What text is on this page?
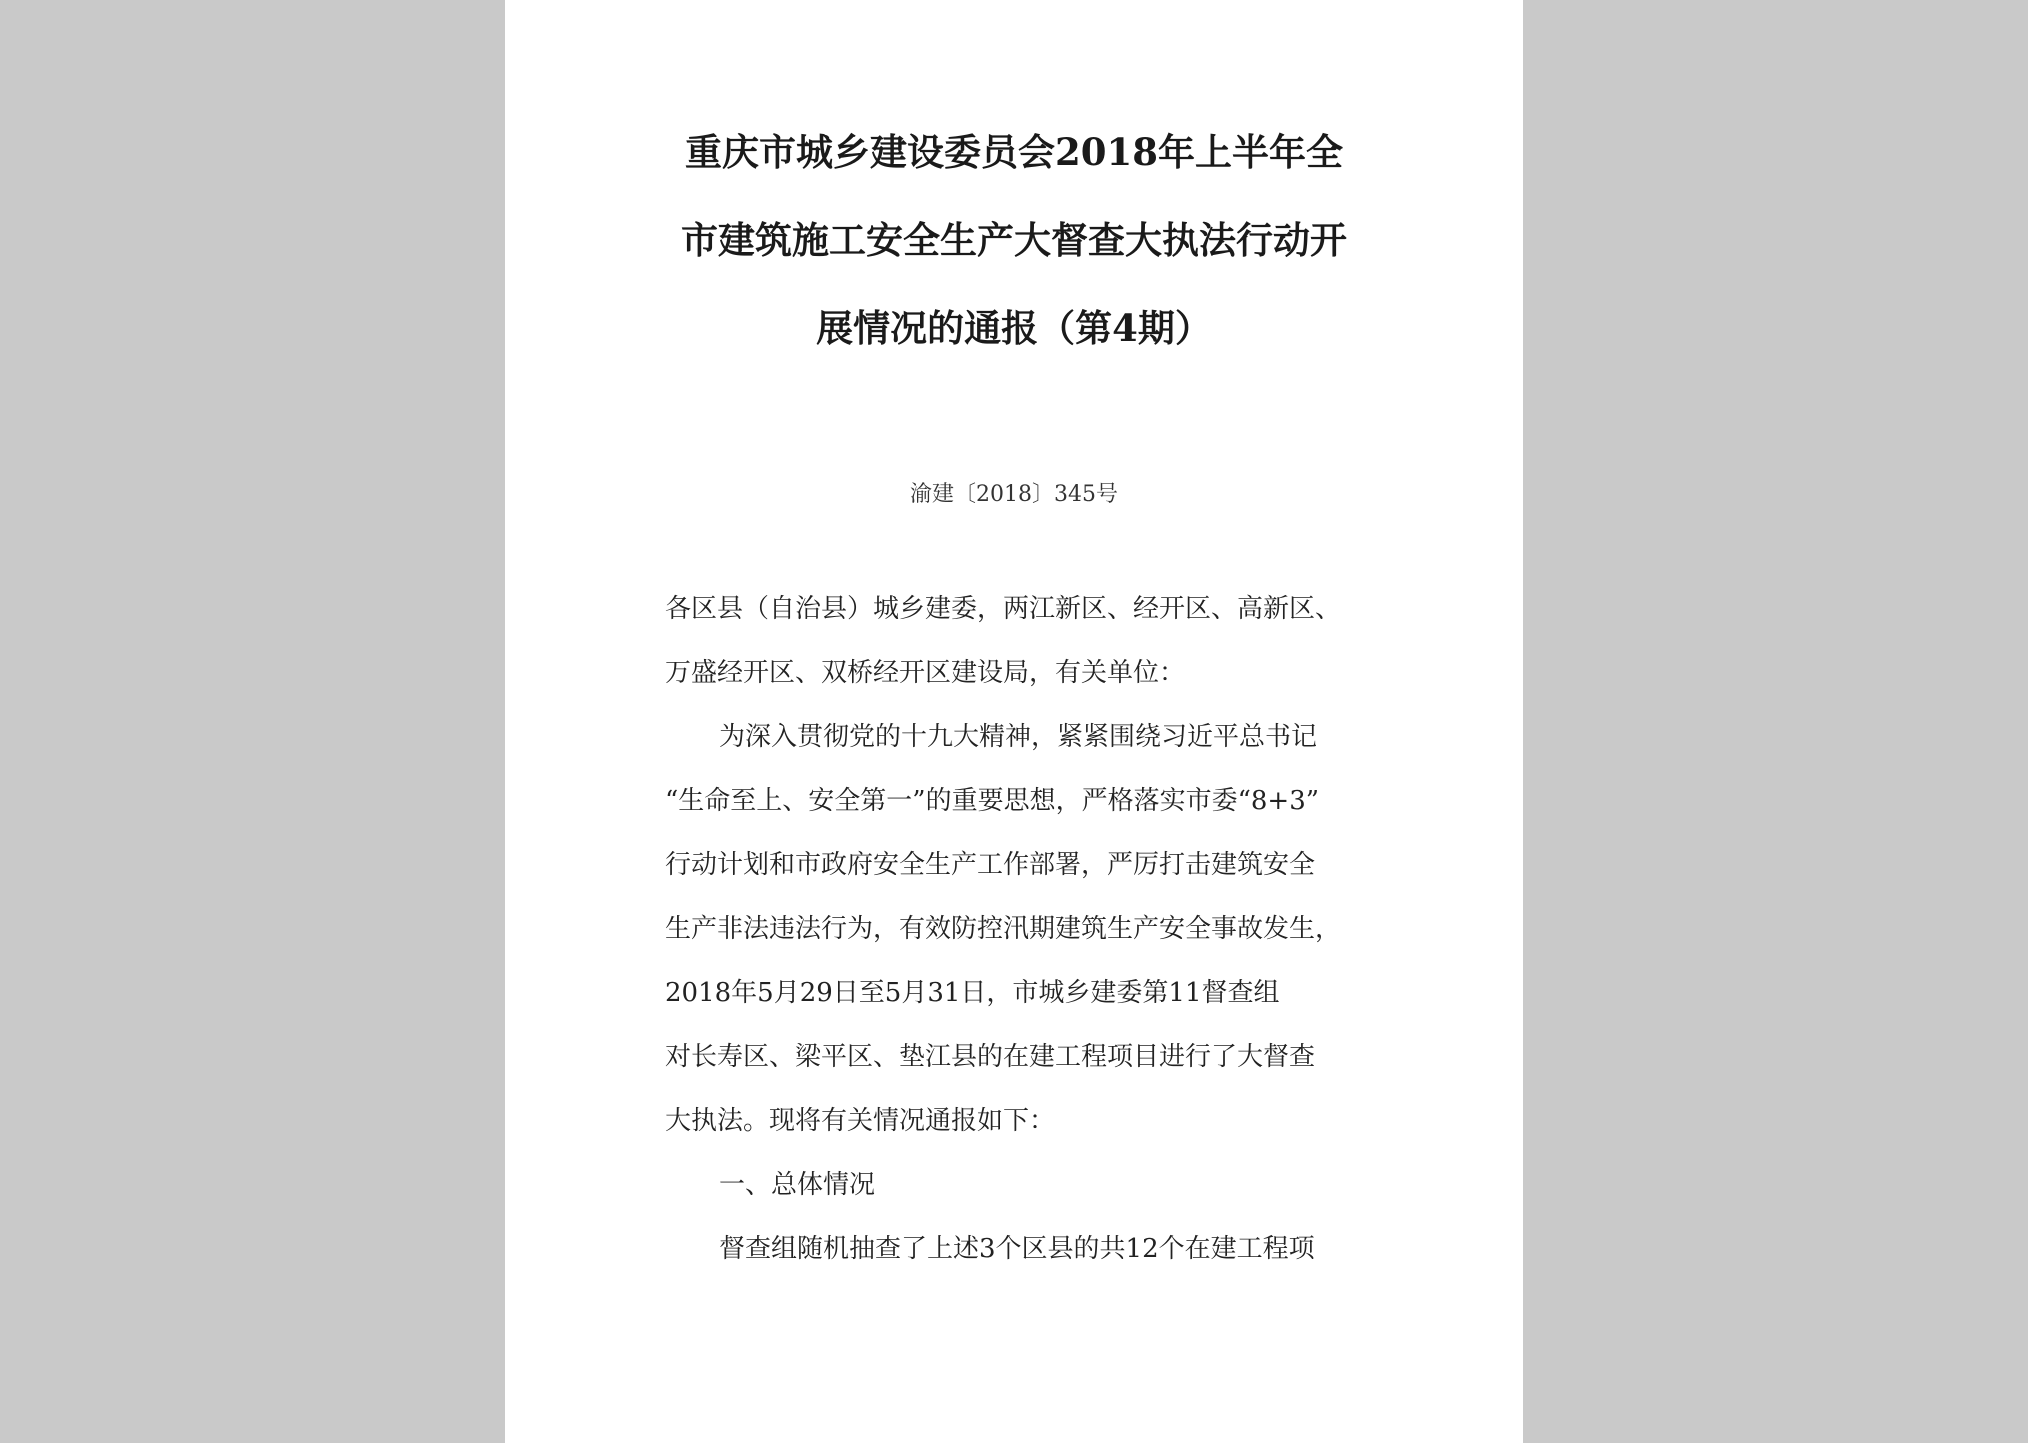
重庆市城乡建设委员会2018年上半年全
市建筑施工安全生产大督查大执法行动开
展情况的通报（第4期）
渝建〔2018〕345号
各区县（自治县）城乡建委，两江新区、经开区、高新区、
万盛经开区、双桥经开区建设局，有关单位：
为深入贯彻党的十九大精神，紧紧围绕习近平总书记
“生命至上、安全第一”的重要思想，严格落实市委“8+3”
行动计划和市政府安全生产工作部署，严厉打击建筑安全
生产非法违法行为，有效防控汛期建筑生产安全事故发生，
2018年5月29日至5月31日，市城乡建委第11督查组
对长寿区、梁平区、垫江县的在建工程项目进行了大督查
大执法。现将有关情况通报如下：
一、总体情况
督查组随机抽查了上述3个区县的共12个在建工程项
